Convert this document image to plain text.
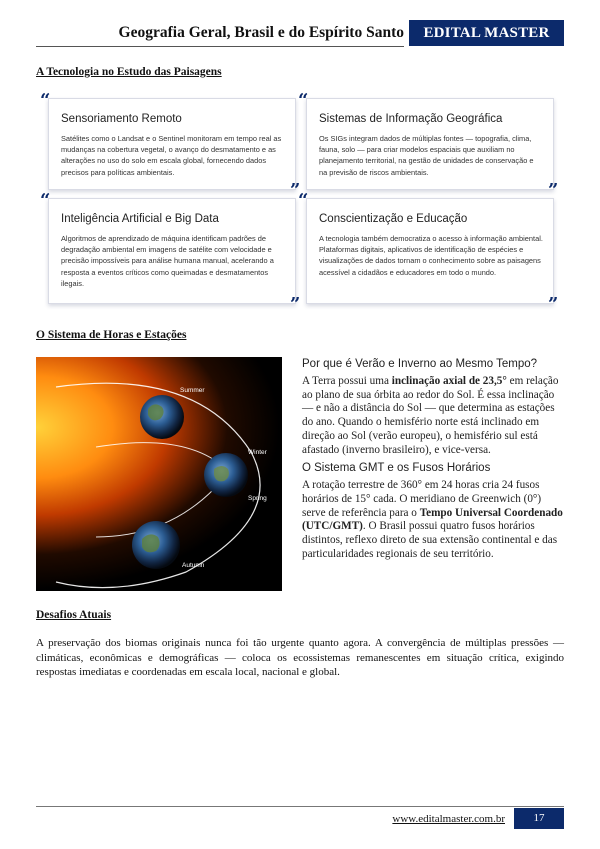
Geografia Geral, Brasil e do Espírito Santo	EDITAL MASTER
A Tecnologia no Estudo das Paisagens
Sensoriamento Remoto
Satélites como o Landsat e o Sentinel monitoram em tempo real as mudanças na cobertura vegetal, o avanço do desmatamento e as alterações no uso do solo em escala global, fornecendo dados precisos para políticas ambientais.
Sistemas de Informação Geográfica
Os SIGs integram dados de múltiplas fontes — topografia, clima, fauna, solo — para criar modelos espaciais que auxiliam no planejamento territorial, na gestão de unidades de conservação e na previsão de riscos ambientais.
Inteligência Artificial e Big Data
Algoritmos de aprendizado de máquina identificam padrões de degradação ambiental em imagens de satélite com velocidade e precisão impossíveis para análise humana manual, acelerando a resposta a eventos críticos como queimadas e desmatamentos ilegais.
Conscientização e Educação
A tecnologia também democratiza o acesso à informação ambiental. Plataformas digitais, aplicativos de identificação de espécies e visualizações de dados tornam o conhecimento sobre as paisagens acessível a cidadãos e educadores em todo o mundo.
“	“
”	”
“	“
”	”
O Sistema de Horas e Estações
Summer
Winter
Spring
Autumn
Por que é Verão e Inverno ao Mesmo Tempo?
A Terra possui uma inclinação axial de 23,5° em relação ao plano de sua órbita ao redor do Sol. É essa inclinação — e não a distância do Sol — que determina as estações do ano. Quando o hemisfério norte está inclinado em direção ao Sol (verão europeu), o hemisfério sul está afastado (inverno brasileiro), e vice-versa.
O Sistema GMT e os Fusos Horários
A rotação terrestre de 360° em 24 horas cria 24 fusos horários de 15° cada. O meridiano de Greenwich (0°) serve de referência para o Tempo Universal Coordenado (UTC/GMT). O Brasil possui quatro fusos horários distintos, reflexo direto de sua extensão continental e das particularidades regionais de seu território.
Desafios Atuais
A preservação dos biomas originais nunca foi tão urgente quanto agora. A convergência de múltiplas pressões — climáticas, econômicas e demográficas — coloca os ecossistemas remanescentes em situação crítica, exigindo respostas imediatas e coordenadas em escala local, nacional e global.
www.editalmaster.com.br	17
